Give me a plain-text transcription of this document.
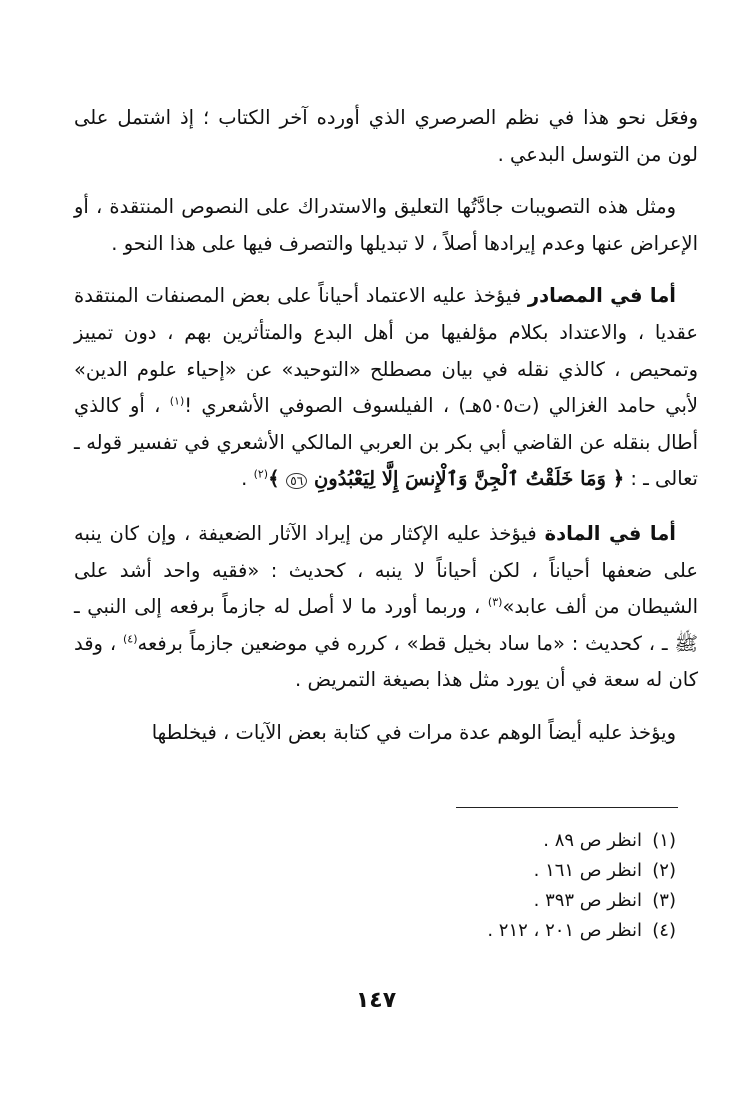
وفعَل نحو هذا في نظم الصرصري الذي أورده آخر الكتاب ؛ إذ اشتمل على لون من التوسل البدعي .

ومثل هذه التصويبات جادَّتُها التعليق والاستدراك على النصوص المنتقدة ، أو الإعراض عنها وعدم إيرادها أصلاً ، لا تبديلها والتصرف فيها على هذا النحو .

أما في المصادر فيؤخذ عليه الاعتماد أحياناً على بعض المصنفات المنتقدة عقديا ، والاعتداد بكلام مؤلفيها من أهل البدع والمتأثرين بهم ، دون تمييز وتمحيص ، كالذي نقله في بيان مصطلح «التوحيد» عن «إحياء علوم الدين» لأبي حامد الغزالي (ت٥٠٥هـ) ، الفيلسوف الصوفي الأشعري !$^{(١)}$ ، أو كالذي أطال بنقله عن القاضي أبي بكر بن العربي المالكي الأشعري في تفسير قوله ـ تعالى ـ : ﴿ وَمَا خَلَقْتُ ٱلْجِنَّ وَٱلْإِنسَ إِلَّا لِيَعْبُدُونِ ٥٦ ﴾$^{(٢)}$ .

أما في المادة فيؤخذ عليه الإكثار من إيراد الآثار الضعيفة ، وإن كان ينبه على ضعفها أحياناً ، لكن أحياناً لا ينبه ، كحديث : «فقيه واحد أشد على الشيطان من ألف عابد»$^{(٣)}$ ، وربما أورد ما لا أصل له جازماً برفعه إلى النبي ـ ﷺ ـ ، كحديث : «ما ساد بخيل قط» ، كرره في موضعين جازماً برفعه$^{(٤)}$ ، وقد كان له سعة في أن يورد مثل هذا بصيغة التمريض .

ويؤخذ عليه أيضاً الوهم عدة مرات في كتابة بعض الآيات ، فيخلطها

(١)انظر ص ٨٩ .
(٢)انظر ص ١٦١ .
(٣)انظر ص ٣٩٣ .
(٤)انظر ص ٢٠١ ، ٢١٢ .
١٤٧
